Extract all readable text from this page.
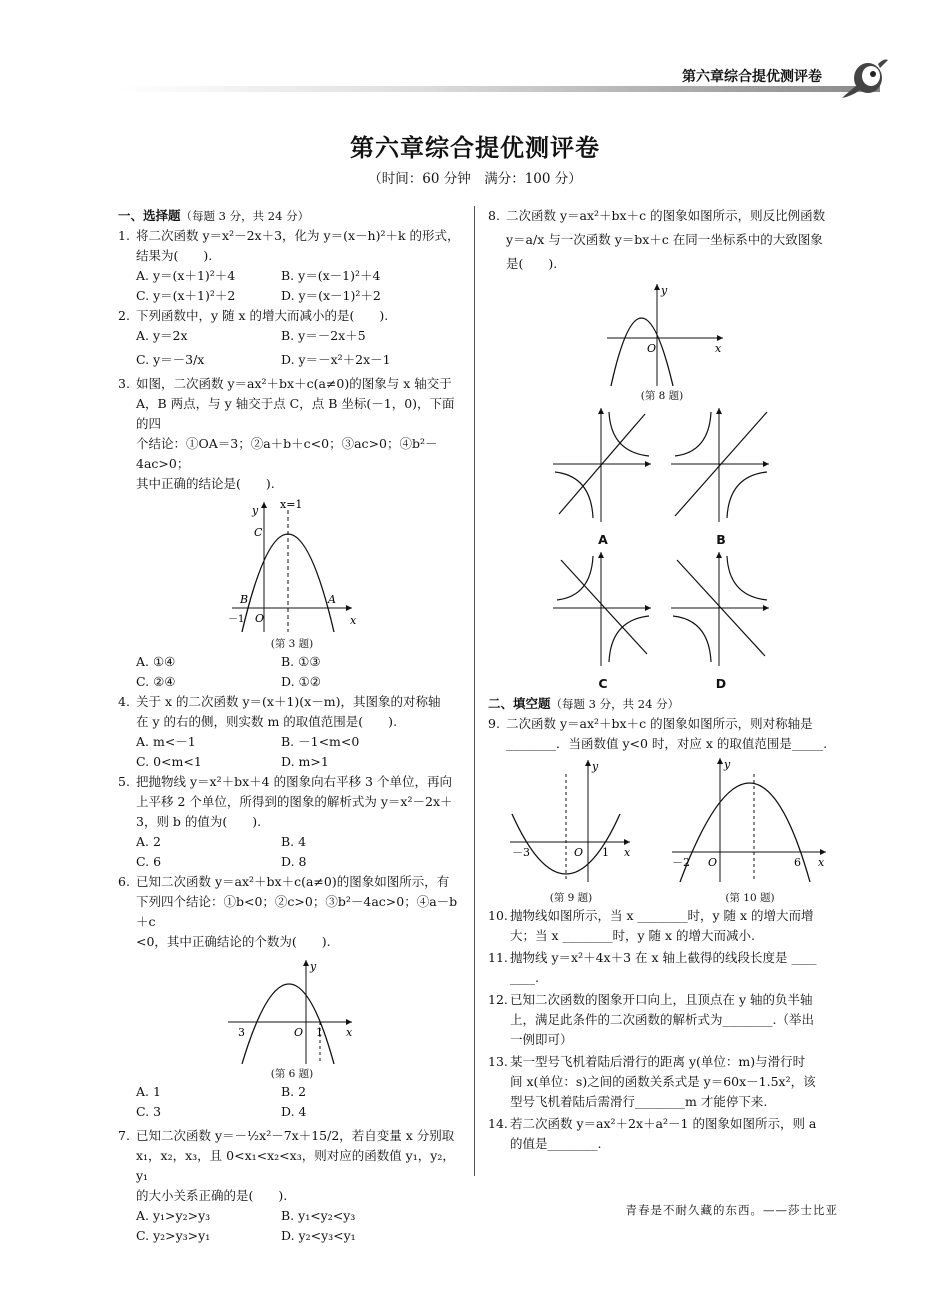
第六章综合提优测评卷
第六章综合提优测评卷
（时间：60 分钟　满分：100 分）
一、选择题（每题 3 分，共 24 分）
1. 将二次函数 y＝x²－2x＋3，化为 y＝(x－h)²＋k 的形式，
结果为(　　).
A. y＝(x＋1)²＋4	B. y＝(x－1)²＋4
C. y＝(x＋1)²＋2	D. y＝(x－1)²＋2
2. 下列函数中，y 随 x 的增大而减小的是(　　).
A. y＝2x	B. y＝－2x＋5
C. y＝－3/x	D. y＝－x²＋2x－1
3. 如图，二次函数 y＝ax²＋bx＋c(a≠0)的图象与 x 轴交于
A，B 两点，与 y 轴交于点 C，点 B 坐标(－1，0)，下面的四
个结论：①OA＝3；②a＋b＋c<0；③ac>0；④b²－4ac>0；
其中正确的结论是(　　).
y
x
x=1
C
B	A
O
－1
(第 3 题)
A. ①④	B. ①③
C. ②④	D. ①②
4. 关于 x 的二次函数 y＝(x＋1)(x－m)，其图象的对称轴
在 y 的右的侧，则实数 m 的取值范围是(　　).
A. m<－1	B. －1<m<0
C. 0<m<1	D. m>1
5. 把抛物线 y＝x²＋bx＋4 的图象向右平移 3 个单位，再向
上平移 2 个单位，所得到的图象的解析式为 y＝x²－2x＋
3，则 b 的值为(　　).
A. 2	B. 4
C. 6	D. 8
6. 已知二次函数 y＝ax²＋bx＋c(a≠0)的图象如图所示，有
下列四个结论：①b<0；②c>0；③b²－4ac>0；④a－b＋c
<0，其中正确结论的个数为(　　).
y
x
3	O 1
(第 6 题)
A. 1	B. 2
C. 3	D. 4
7. 已知二次函数 y＝－½x²－7x＋15/2，若自变量 x 分别取
x₁，x₂，x₃，且 0<x₁<x₂<x₃，则对应的函数值 y₁，y₂，y₁
的大小关系正确的是(　　).
A. y₁>y₂>y₃	B. y₁<y₂<y₃
C. y₂>y₃>y₁	D. y₂<y₃<y₁
8. 二次函数 y＝ax²＋bx＋c 的图象如图所示，则反比例函数
y＝a/x 与一次函数 y＝bx＋c 在同一坐标系中的大致图象
是(　　).
y
x
O
(第 8 题)
A	B
C	D
二、填空题（每题 3 分，共 24 分）
9. 二次函数 y＝ax²＋bx＋c 的图象如图所示，则对称轴是
________．当函数值 y<0 时，对应 x 的取值范围是_____.
y
x
－3	O 1
(第 9 题)
y
x
－2 O	6
(第 10 题)
10. 抛物线如图所示，当 x ________时，y 随 x 的增大而增
大；当 x ________时，y 随 x 的增大而减小.
11. 抛物线 y＝x²＋4x＋3 在 x 轴上截得的线段长度是 ____
____.
12. 已知二次函数的图象开口向上，且顶点在 y 轴的负半轴
上，满足此条件的二次函数的解析式为________.（举出
一例即可）
13. 某一型号飞机着陆后滑行的距离 y(单位：m)与滑行时
间 x(单位：s)之间的函数关系式是 y＝60x－1.5x²，该
型号飞机着陆后需滑行________m 才能停下来.
14. 若二次函数 y＝ax²＋2x＋a²－1 的图象如图所示，则 a
的值是________.
青春是不耐久藏的东西。——莎士比亚
